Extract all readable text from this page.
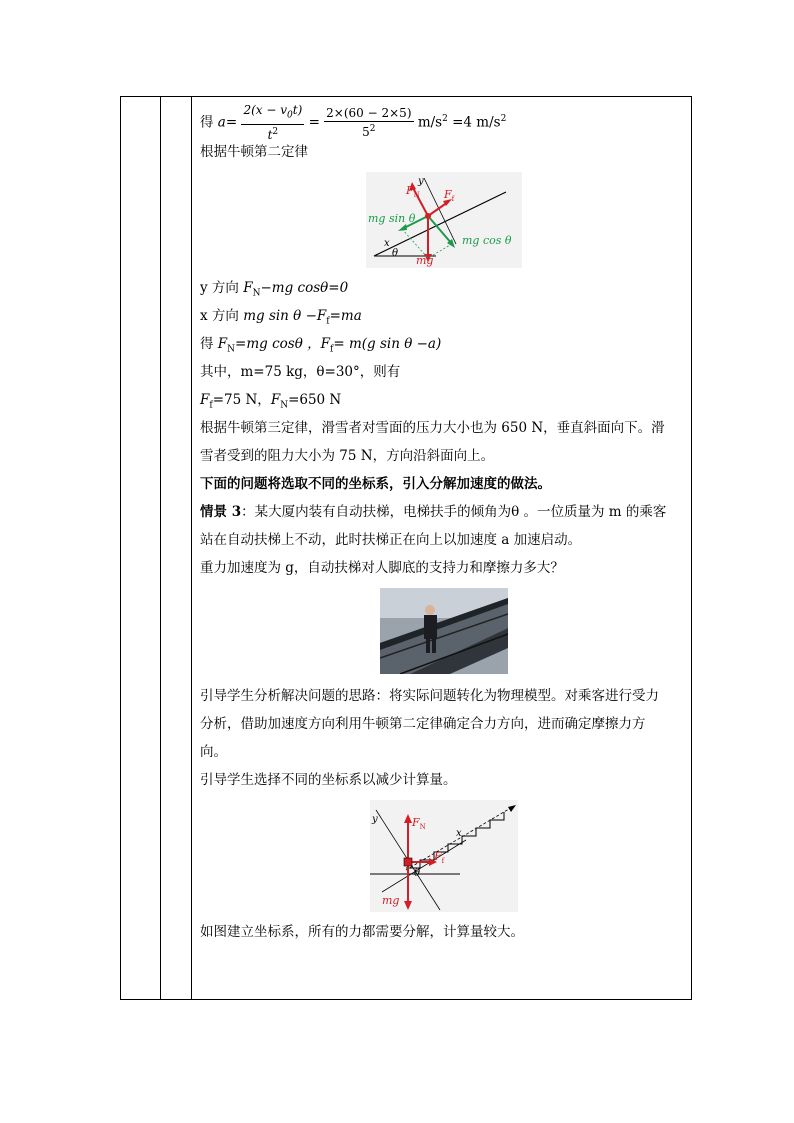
得 $a= \frac{2(x - v_0t)}{t^2} = \frac{2\times(60 - 2\times 5)}{5^2} m/s^2 =4$ $m/s^2$
根据牛顿第二定律
y
$F_N$ $F_f$
mg sin θ
mg cos θ
x
θ
mg
y 方向 $F_N-mg$ cosθ=0
x 方向 mg $\sin \theta -F_f=ma$
得 $F_N=mg$ cosθ ，$F_f= m(g$ sin θ −a)
其中，m=75 kg，θ=30°，则有
$F_f=75$ N，$F_N=650$ N
根据牛顿第三定律，滑雪者对雪面的压力大小也为 650 N，垂直斜面向下。滑
雪者受到的阻力大小为 75 N，方向沿斜面向上。
下面的问题将选取不同的坐标系，引入分解加速度的做法。
情景 3：某大厦内装有自动扶梯，电梯扶手的倾角为θ 。一位质量为 m 的乘客
站在自动扶梯上不动，此时扶梯正在向上以加速度 a 加速启动。
重力加速度为 g，自动扶梯对人脚底的支持力和摩擦力多大？
引导学生分析解决问题的思路：将实际问题转化为物理模型。对乘客进行受力
分析，借助加速度方向利用牛顿第二定律确定合力方向，进而确定摩擦力方
向。
引导学生选择不同的坐标系以减少计算量。
y	$F_N$
x
$F_f$
θ
mg
如图建立坐标系，所有的力都需要分解，计算量较大。
